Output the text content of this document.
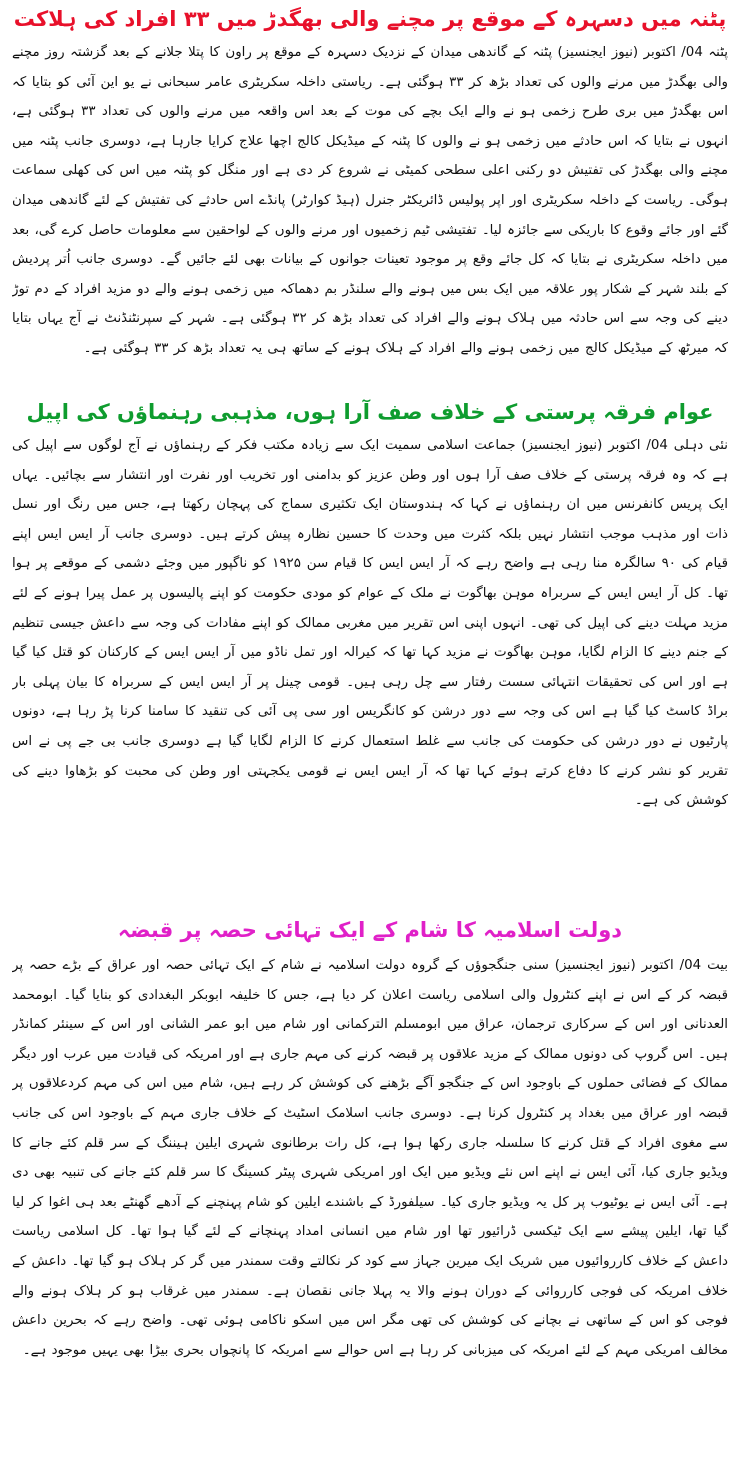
پٹنہ میں دسہرہ کے موقع پر مچنے والی بھگدڑ میں ۳۳ افراد کی ہلاکت

پٹنہ 04/ اکتوبر (نیوز ایجنسیز) پٹنہ کے گاندھی میدان کے نزدیک دسہرہ کے موقع پر راون کا پتلا جلانے کے بعد گزشتہ روز مچنے والی بھگدڑ میں مرنے والوں کی تعداد بڑھ کر ۳۳ ہوگئی ہے۔ ریاستی داخلہ سکریٹری عامر سبحانی نے یو این آئی کو بتایا کہ اس بھگدڑ میں بری طرح زخمی ہو نے والے ایک بچے کی موت کے بعد اس واقعہ میں مرنے والوں کی تعداد ۳۳ ہوگئی ہے، انہوں نے بتایا کہ اس حادثے میں زخمی ہو نے والوں کا پٹنہ کے میڈیکل کالج اچھا علاج کرایا جارہا ہے، دوسری جانب پٹنہ میں مچنے والی بھگدڑ کی تفتیش دو رکنی اعلی سطحی کمیٹی نے شروع کر دی ہے اور منگل کو پٹنہ میں اس کی کھلی سماعت ہوگی۔ ریاست کے داخلہ سکریٹری اور اپر پولیس ڈائریکٹر جنرل (ہیڈ کوارٹر) پانڈے اس حادثے کی تفتیش کے لئے گاندھی میدان گئے اور جائے وقوع کا باریکی سے جائزہ لیا۔ تفتیشی ٹیم زخمیوں اور مرنے والوں کے لواحقین سے معلومات حاصل کرے گی، بعد میں داخلہ سکریٹری نے بتایا کہ کل جائے وقع پر موجود تعینات جوانوں کے بیانات بھی لئے جائیں گے۔ دوسری جانب اُتر پردیش کے بلند شہر کے شکار پور علاقہ میں ایک بس میں ہونے والے سلنڈر بم دھماکہ میں زخمی ہونے والے دو مزید افراد کے دم توڑ دینے کی وجہ سے اس حادثہ میں ہلاک ہونے والے افراد کی تعداد بڑھ کر ۳۲ ہوگئی ہے۔ شہر کے سپرنٹنڈنٹ نے آج یہاں بتایا کہ میرٹھ کے میڈیکل کالج میں زخمی ہونے والے افراد کے ہلاک ہونے کے ساتھ ہی یہ تعداد بڑھ کر ۳۳ ہوگئی ہے۔

عوام فرقہ پرستی کے خلاف صف آرا ہوں، مذہبی رہنماؤں کی اپیل

نئی دہلی 04/ اکتوبر (نیوز ایجنسیز) جماعت اسلامی سمیت ایک سے زیادہ مکتب فکر کے رہنماؤں نے آج لوگوں سے اپیل کی ہے کہ وہ فرقہ پرستی کے خلاف صف آرا ہوں اور وطن عزیز کو بدامنی اور تخریب اور نفرت اور انتشار سے بچائیں۔ یہاں ایک پریس کانفرنس میں ان رہنماؤں نے کہا کہ ہندوستان ایک تکثیری سماج کی پہچان رکھتا ہے، جس میں رنگ اور نسل ذات اور مذہب موجب انتشار نہیں بلکہ کثرت میں وحدت کا حسین نظارہ پیش کرتے ہیں۔ دوسری جانب آر ایس ایس اپنے قیام کی ۹۰ سالگرہ منا رہی ہے واضح رہے کہ آر ایس ایس کا قیام سن ۱۹۲۵ کو ناگپور میں وجئے دشمی کے موقعے پر ہوا تھا۔ کل آر ایس ایس کے سربراہ موہن بھاگوت نے ملک کے عوام کو مودی حکومت کو اپنے پالیسوں پر عمل پیرا ہونے کے لئے مزید مہلت دینے کی اپیل کی تھی۔ انہوں اپنی اس تقریر میں مغربی ممالک کو اپنے مفادات کی وجہ سے داعش جیسی تنظیم کے جنم دینے کا الزام لگایا، موہن بھاگوت نے مزید کہا تھا کہ کیرالہ اور تمل ناڈو میں آر ایس ایس کے کارکنان کو قتل کیا گیا ہے اور اس کی تحقیقات انتہائی سست رفتار سے چل رہی ہیں۔ قومی چینل پر آر ایس ایس کے سربراہ کا بیان پہلی بار براڈ کاسٹ کیا گیا ہے اس کی وجہ سے دور درشن کو کانگریس اور سی پی آئی کی تنقید کا سامنا کرنا پڑ رہا ہے، دونوں پارٹیوں نے دور درشن کی حکومت کی جانب سے غلط استعمال کرنے کا الزام لگایا گیا ہے دوسری جانب بی جے پی نے اس تقریر کو نشر کرنے کا دفاع کرتے ہوئے کہا تھا کہ آر ایس ایس نے قومی یکجہتی اور وطن کی محبت کو بڑھاوا دینے کی کوشش کی ہے۔

دولت اسلامیہ کا شام کے ایک تہائی حصہ پر قبضہ

بیت 04/ اکتوبر (نیوز ایجنسیز) سنی جنگجوؤں کے گروہ دولت اسلامیہ نے شام کے ایک تہائی حصہ اور عراق کے بڑے حصہ پر قبضہ کر کے اس نے اپنے کنٹرول والی اسلامی ریاست اعلان کر دیا ہے، جس کا خلیفہ ابوبکر البغدادی کو بنایا گیا۔ ابومحمد العدنانی اور اس کے سرکاری ترجمان، عراق میں ابومسلم الترکمانی اور شام میں ابو عمر الشانی اور اس کے سینئر کمانڈر ہیں۔ اس گروپ کی دونوں ممالک کے مزید علاقوں پر قبضہ کرنے کی مہم جاری ہے اور امریکہ کی قیادت میں عرب اور دیگر ممالک کے فضائی حملوں کے باوجود اس کے جنگجو آگے بڑھنے کی کوشش کر رہے ہیں، شام میں اس کی مہم کردعلاقوں پر قبضہ اور عراق میں بغداد پر کنٹرول کرنا ہے۔ دوسری جانب اسلامک اسٹیٹ کے خلاف جاری مہم کے باوجود اس کی جانب سے مغوی افراد کے قتل کرنے کا سلسلہ جاری رکھا ہوا ہے، کل رات برطانوی شہری ایلین ہیننگ کے سر قلم کئے جانے کا ویڈیو جاری کیا، آئی ایس نے اپنے اس نئے ویڈیو میں ایک اور امریکی شہری پیٹر کسینگ کا سر قلم کئے جانے کی تنبیہ بھی دی ہے۔ آئی ایس نے یوٹیوب پر کل یہ ویڈیو جاری کیا۔ سیلفورڈ کے باشندے ایلین کو شام پہنچنے کے آدھے گھنٹے بعد ہی اغوا کر لیا گیا تھا، ایلین پیشے سے ایک ٹیکسی ڈرائیور تھا اور شام میں انسانی امداد پہنچانے کے لئے گیا ہوا تھا۔ کل اسلامی ریاست داعش کے خلاف کارروائیوں میں شریک ایک میرین جہاز سے کود کر نکالتے وقت سمندر میں گر کر ہلاک ہو گیا تھا۔ داعش کے خلاف امریکہ کی فوجی کارروائی کے دوران ہونے والا یہ پہلا جانی نقصان ہے۔ سمندر میں غرقاب ہو کر ہلاک ہونے والے فوجی کو اس کے ساتھی نے بچانے کی کوشش کی تھی مگر اس میں اسکو ناکامی ہوئی تھی۔ واضح رہے کہ بحرین داعش مخالف امریکی مہم کے لئے امریکہ کی میزبانی کر رہا ہے اس حوالے سے امریکہ کا پانچواں بحری بیڑا بھی یہیں موجود ہے۔
